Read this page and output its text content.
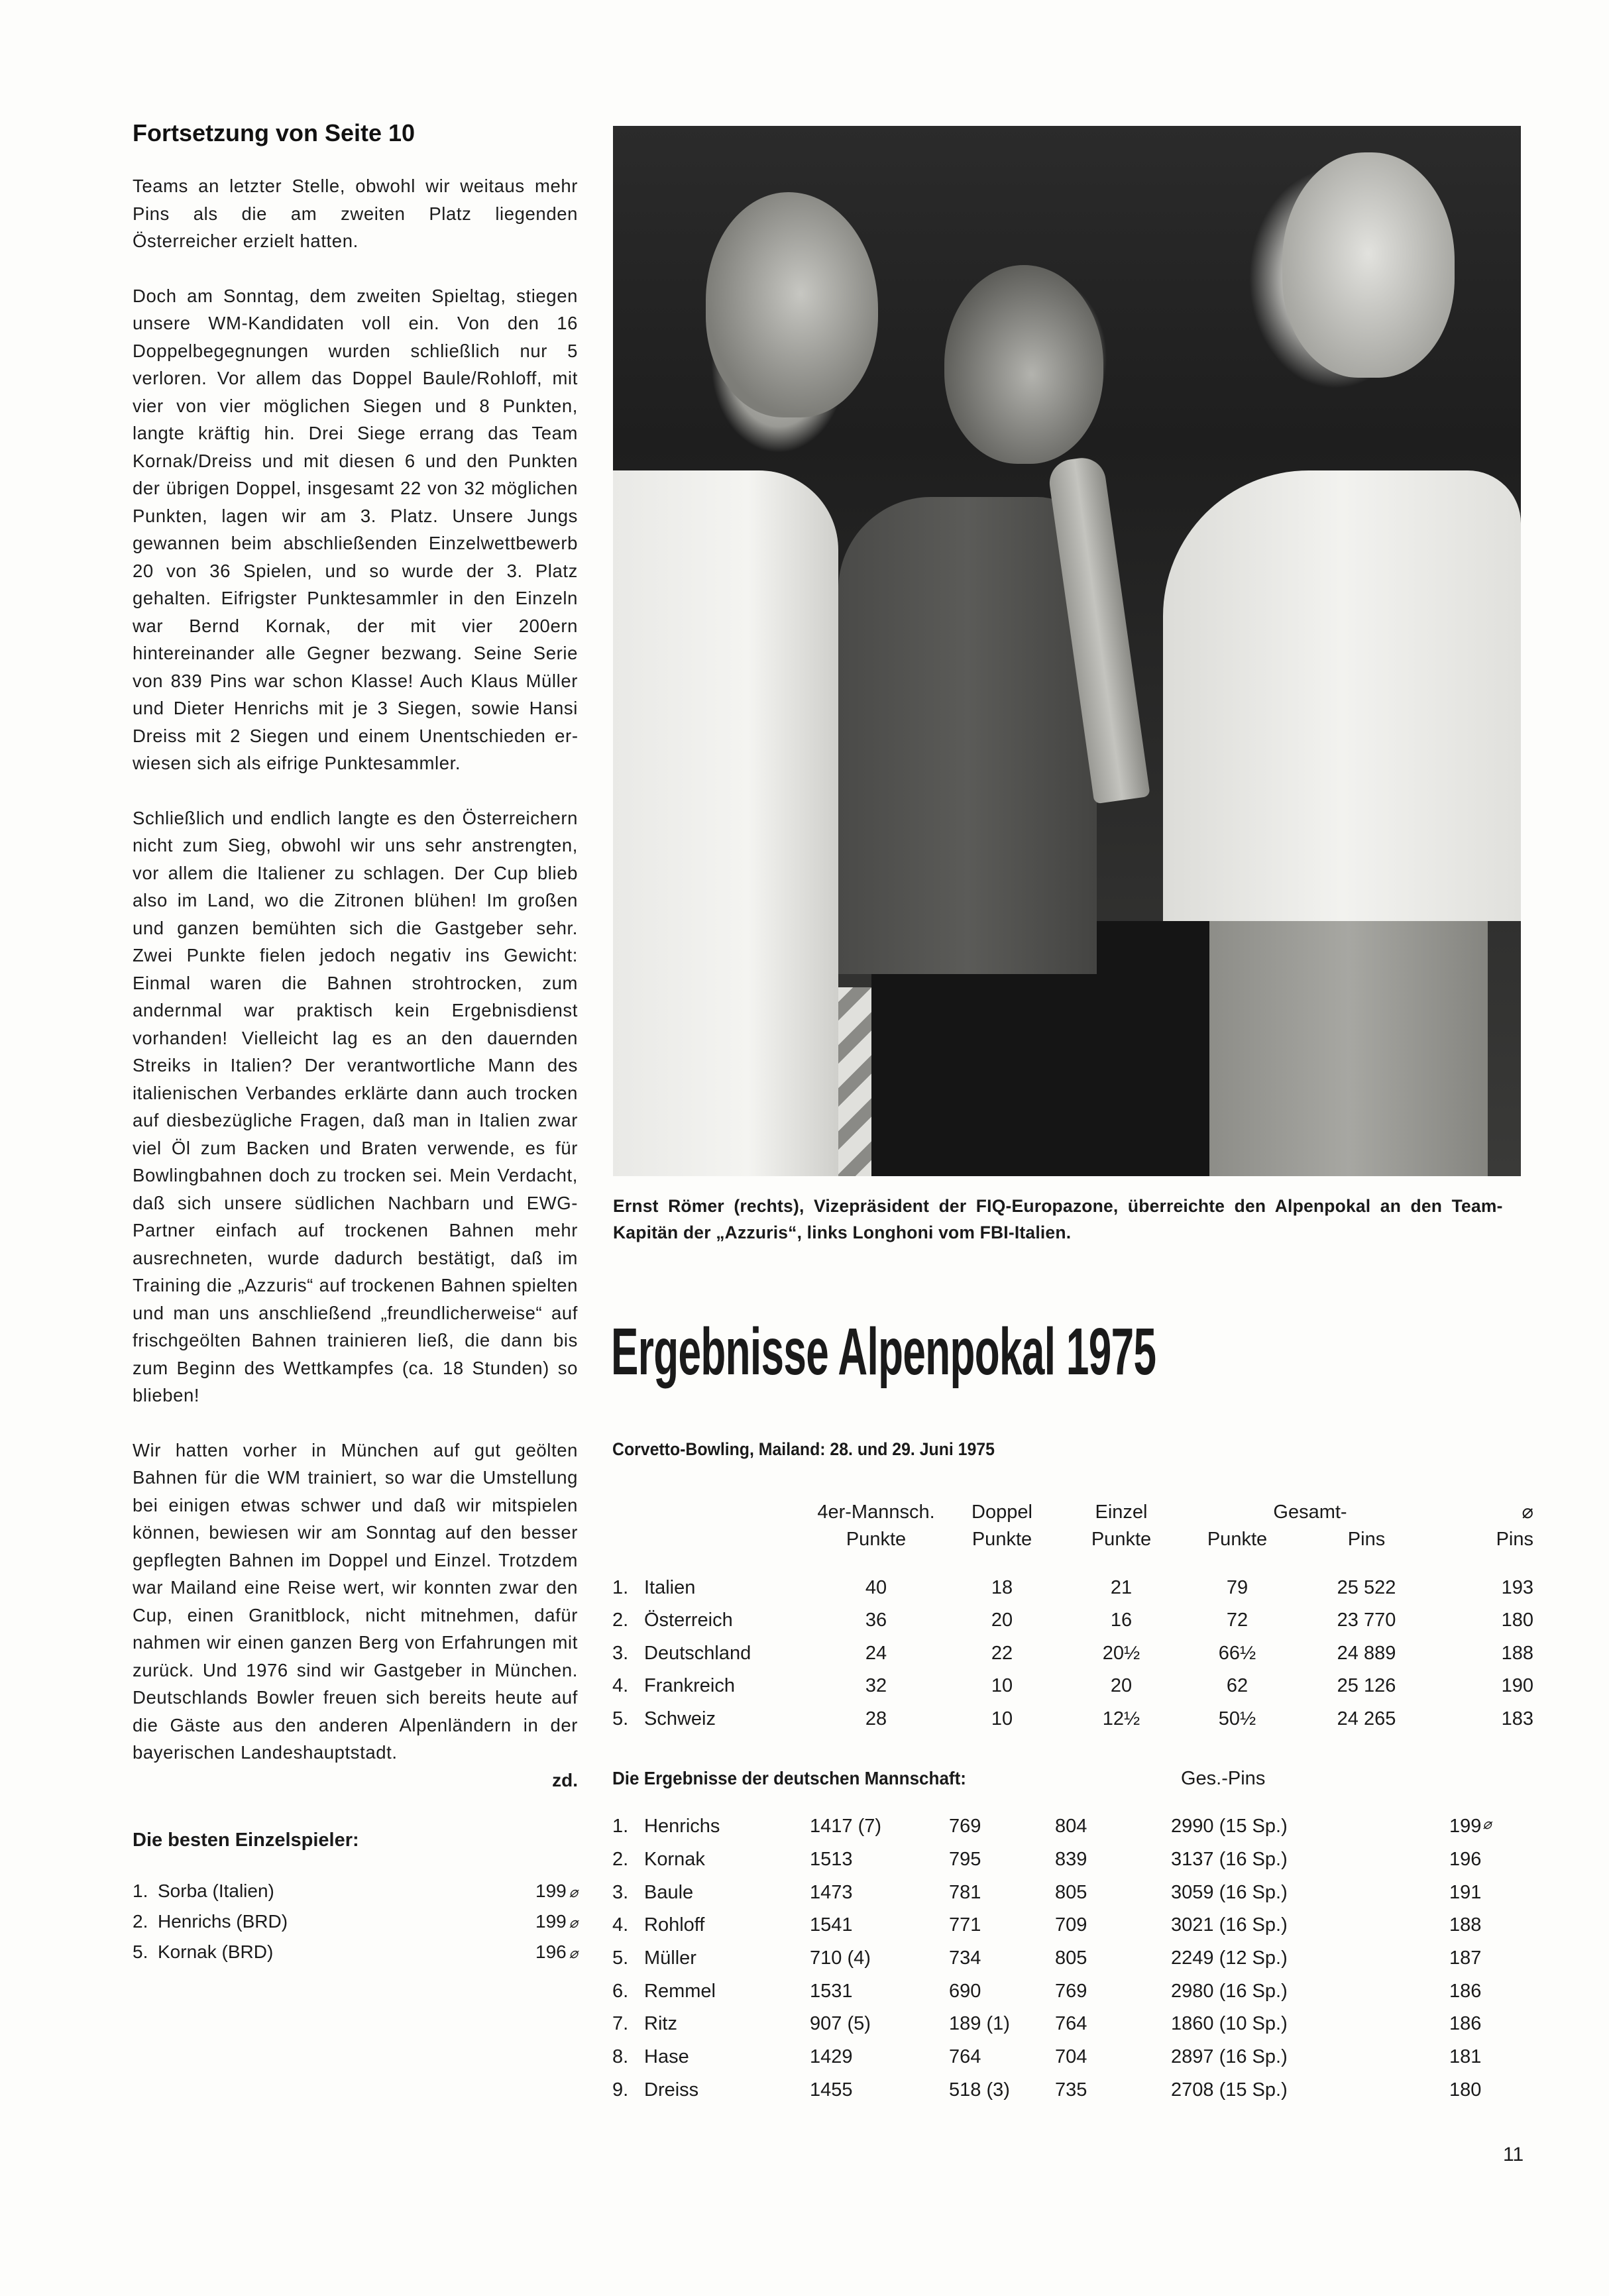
Fortsetzung von Seite 10

Teams an letzter Stelle, obwohl wir weitaus mehr Pins als die am zweiten Platz liegenden Österreicher erzielt hatten.

Doch am Sonntag, dem zweiten Spieltag, stiegen unsere WM-Kandidaten voll ein. Von den 16 Doppelbegegnungen wurden schließlich nur 5 verloren. Vor allem das Doppel Baule/Rohloff, mit vier von vier möglichen Siegen und 8 Punkten, langte kräftig hin. Drei Siege errang das Team Kornak/Dreiss und mit diesen 6 und den Punkten der übrigen Doppel, insgesamt 22 von 32 möglichen Punkten, lagen wir am 3. Platz. Unsere Jungs gewannen beim abschließenden Einzelwettbewerb 20 von 36 Spielen, und so wurde der 3. Platz gehalten. Eifrigster Punktesammler in den Einzeln war Bernd Kornak, der mit vier 200ern hintereinander alle Gegner bezwang. Seine Serie von 839 Pins war schon Klasse! Auch Klaus Müller und Dieter Henrichs mit je 3 Siegen, sowie Hansi Dreiss mit 2 Siegen und einem Unentschieden erwiesen sich als eifrige Punktesammler.

Schließlich und endlich langte es den Österreichern nicht zum Sieg, obwohl wir uns sehr anstrengten, vor allem die Italiener zu schlagen. Der Cup blieb also im Land, wo die Zitronen blühen! Im großen und ganzen bemühten sich die Gastgeber sehr. Zwei Punkte fielen jedoch negativ ins Gewicht: Einmal waren die Bahnen strohtrocken, zum andernmal war praktisch kein Ergebnisdienst vorhanden! Vielleicht lag es an den dauernden Streiks in Italien? Der verantwortliche Mann des italienischen Verbandes erklärte dann auch trocken auf diesbezügliche Fragen, daß man in Italien zwar viel Öl zum Backen und Braten verwende, es für Bowlingbahnen doch zu trocken sei. Mein Verdacht, daß sich unsere südlichen Nachbarn und EWG-Partner einfach auf trockenen Bahnen mehr ausrechneten, wurde dadurch bestätigt, daß im Training die „Azzuris“ auf trockenen Bahnen spielten und man uns anschließend „freundlicherweise“ auf frischgeölten Bahnen trainieren ließ, die dann bis zum Beginn des Wettkampfes (ca. 18 Stunden) so blieben!

Wir hatten vorher in München auf gut geölten Bahnen für die WM trainiert, so war die Umstellung bei einigen etwas schwer und daß wir mitspielen können, bewiesen wir am Sonntag auf den besser gepflegten Bahnen im Doppel und Einzel. Trotzdem war Mailand eine Reise wert, wir konnten zwar den Cup, einen Granitblock, nicht mitnehmen, dafür nahmen wir einen ganzen Berg von Erfahrungen mit zurück. Und 1976 sind wir Gastgeber in München. Deutschlands Bowler freuen sich bereits heute auf die Gäste aus den anderen Alpenländern in der bayerischen Landeshauptstadt.

zd.
Die besten Einzelspieler:
1. Sorba (Italien)	199 ⌀
2. Henrichs (BRD)	199 ⌀
5. Kornak (BRD)	196 ⌀
Ernst Römer (rechts), Vizepräsident der FIQ-Europazone, überreichte den Alpenpokal an den Team-Kapitän der „Azzuris“, links Longhoni vom FBI-Italien.
Ergebnisse Alpenpokal 1975
Corvetto-Bowling, Mailand: 28. und 29. Juni 1975
		4er-Mannsch.	Doppel	Einzel	Gesamt-		⌀
		Punkte	Punkte	Punkte	Punkte	Pins	Pins
1.	Italien	40	18	21	79	25 522	193
2.	Österreich	36	20	16	72	23 770	180
3.	Deutschland	24	22	20½	66½	24 889	188
4.	Frankreich	32	10	20	62	25 126	190
5.	Schweiz	28	10	12½	50½	24 265	183
Die Ergebnisse der deutschen Mannschaft:	Ges.-Pins
1.	Henrichs	1417 (7)	769	804	2990 (15 Sp.)	199⌀
2.	Kornak	1513	795	839	3137 (16 Sp.)	196
3.	Baule	1473	781	805	3059 (16 Sp.)	191
4.	Rohloff	1541	771	709	3021 (16 Sp.)	188
5.	Müller	710 (4)	734	805	2249 (12 Sp.)	187
6.	Remmel	1531	690	769	2980 (16 Sp.)	186
7.	Ritz	907 (5)	189 (1)	764	1860 (10 Sp.)	186
8.	Hase	1429	764	704	2897 (16 Sp.)	181
9.	Dreiss	1455	518 (3)	735	2708 (15 Sp.)	180
11
